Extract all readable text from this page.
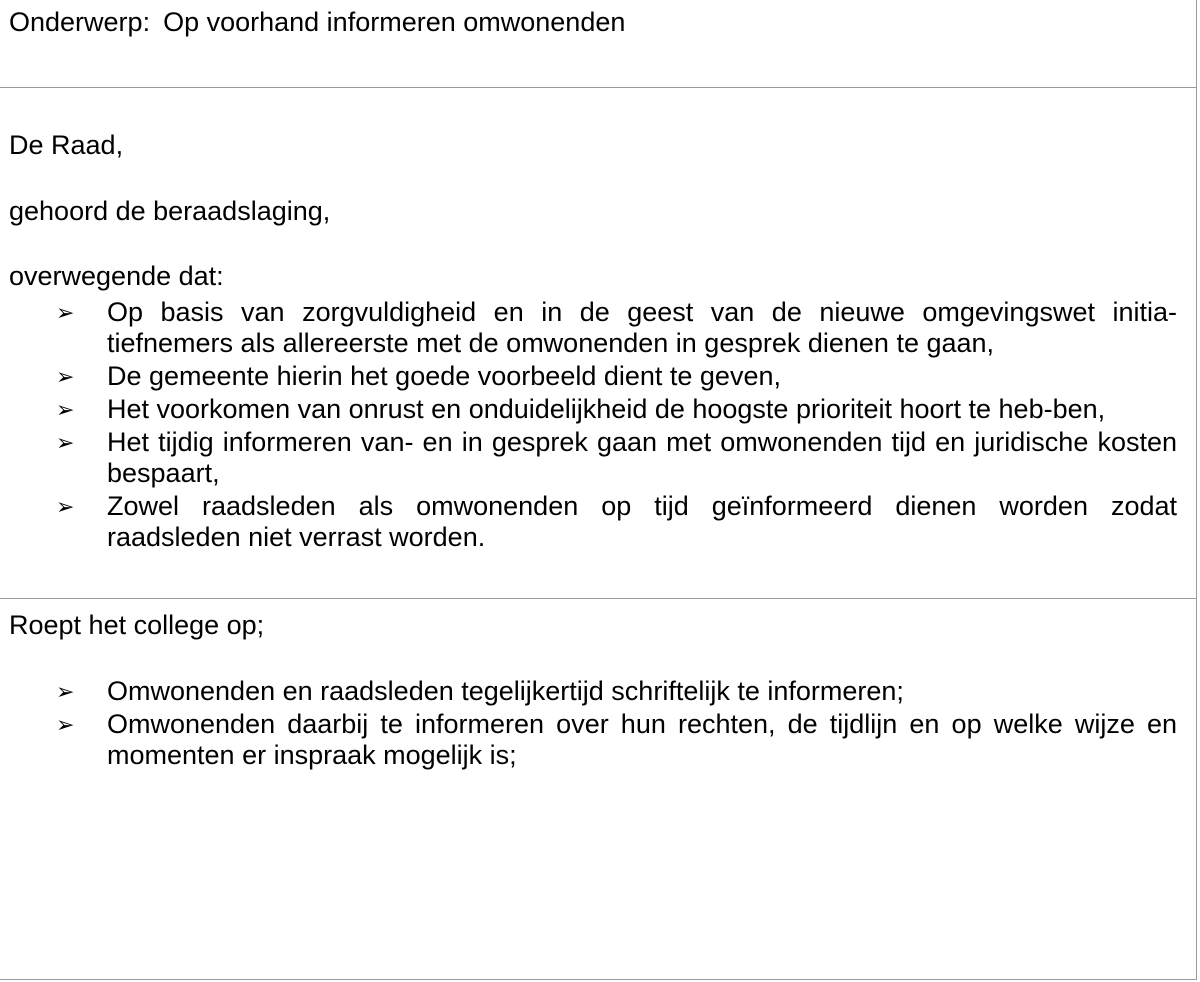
Onderwerp: Op voorhand informeren omwonenden
De Raad,
gehoord de beraadslaging,
overwegende dat:
➢ Op basis van zorgvuldigheid en in de geest van de nieuwe omgevingswet initia-tiefnemers als allereerste met de omwonenden in gesprek dienen te gaan,
➢ De gemeente hierin het goede voorbeeld dient te geven,
➢ Het voorkomen van onrust en onduidelijkheid de hoogste prioriteit hoort te heb-ben,
➢ Het tijdig informeren van- en in gesprek gaan met omwonenden tijd en juridische kosten bespaart,
➢ Zowel raadsleden als omwonenden op tijd geïnformeerd dienen worden zodat raadsleden niet verrast worden.
Roept het college op;
➢ Omwonenden en raadsleden tegelijkertijd schriftelijk te informeren;
➢ Omwonenden daarbij te informeren over hun rechten, de tijdlijn en op welke wijze en momenten er inspraak mogelijk is;
